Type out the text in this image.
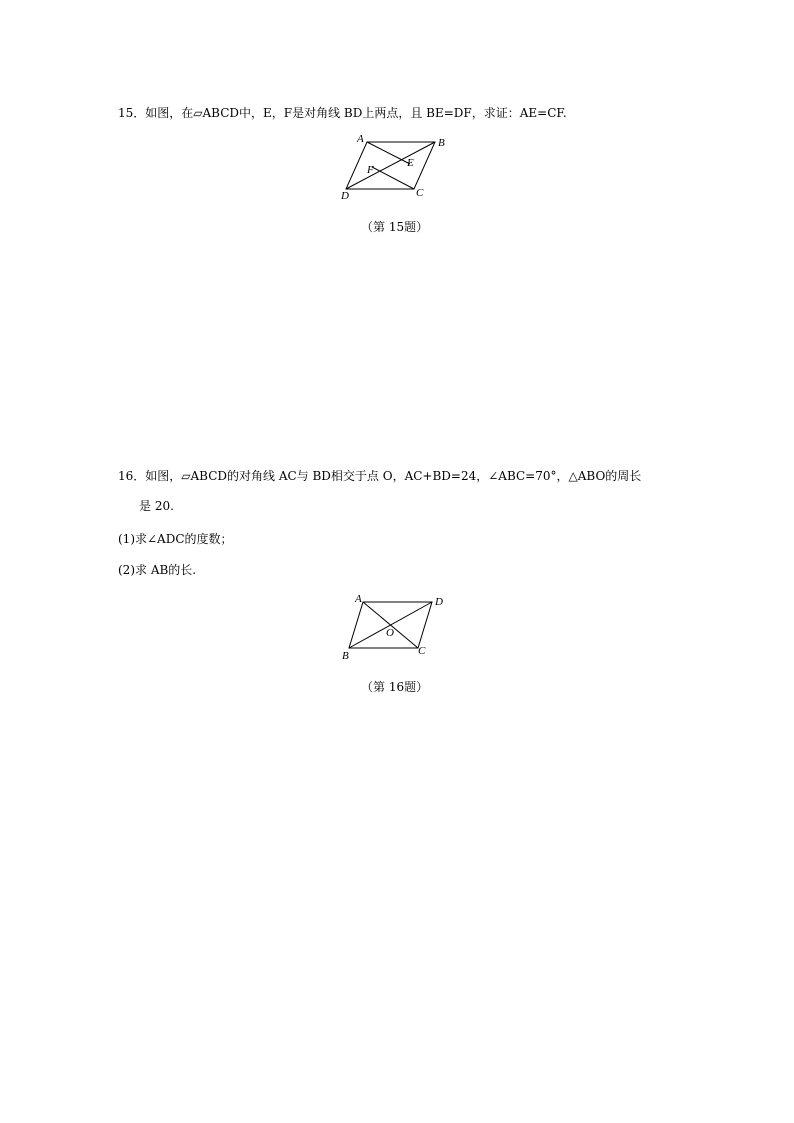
15．如图，在▱ABCD中，E，F是对角线 BD上两点，且 BE=DF，求证：AE=CF.
A	B
C
D
E
F
（第 15题）
16．如图，▱ABCD的对角线 AC与 BD相交于点 O，AC+BD=24，∠ABC=70°，△ABO的周长
是 20.
(1)求∠ADC的度数；
(2)求 AB的长.
A	D
B	C
O
（第 16题）
